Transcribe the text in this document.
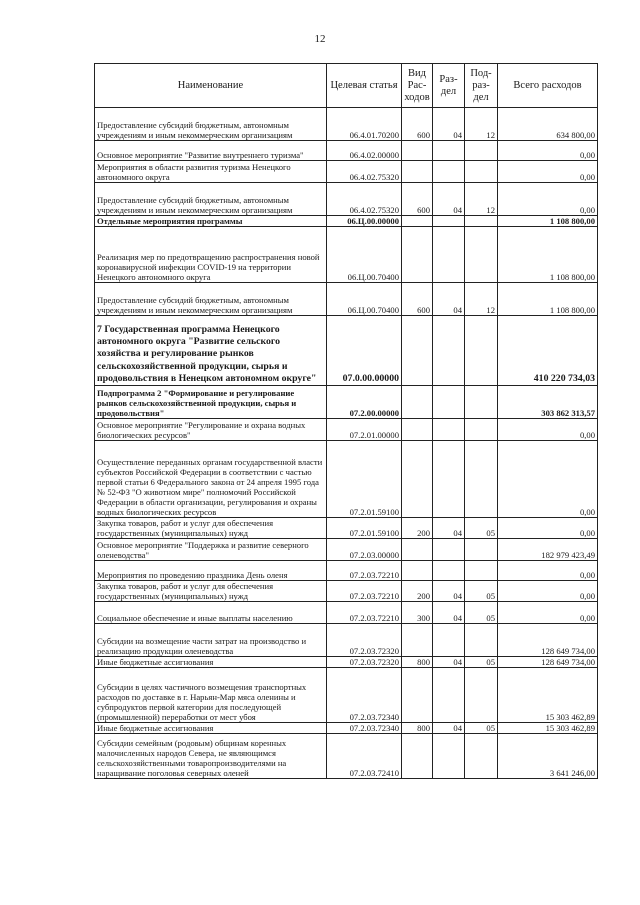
12
Наименование	Целевая статья	Вид Рас- ходов	Раз- дел	Под- раз- дел	Всего расходов
Предоставление субсидий бюджетным, автономным учреждениям и иным некоммерческим организациям	06.4.01.70200	600	04	12	634 800,00
Основное мероприятие "Развитие внутреннего туризма"	06.4.02.00000				0,00
Мероприятия в области развития туризма Ненецкого автономного округа	06.4.02.75320				0,00
Предоставление субсидий бюджетным, автономным учреждениям и иным некоммерческим организациям	06.4.02.75320	600	04	12	0,00
Отдельные мероприятия программы	06.Ц.00.00000				1 108 800,00
Реализация мер по предотвращению распространения новой коронавирусной инфекции COVID-19 на территории Ненецкого автономного округа	06.Ц.00.70400				1 108 800,00
Предоставление субсидий бюджетным, автономным учреждениям и иным некоммерческим организациям	06.Ц.00.70400	600	04	12	1 108 800,00
7 Государственная программа Ненецкого автономного округа "Развитие сельского хозяйства и регулирование рынков сельскохозяйственной продукции, сырья и продовольствия в Ненецком автономном округе"	07.0.00.00000				410 220 734,03
Подпрограмма 2 "Формирование и регулирование рынков сельскохозяйственной продукции, сырья и продовольствия"	07.2.00.00000				303 862 313,57
Основное мероприятие "Регулирование и охрана водных биологических ресурсов"	07.2.01.00000				0,00
Осуществление переданных органам государственной власти субъектов Российской Федерации в соответствии с частью первой статьи 6 Федерального закона от 24 апреля 1995 года № 52-ФЗ "О животном мире" полномочий Российской Федерации в области организации, регулирования и охраны водных биологических ресурсов	07.2.01.59100				0,00
Закупка товаров, работ и услуг для обеспечения государственных (муниципальных) нужд	07.2.01.59100	200	04	05	0,00
Основное мероприятие "Поддержка и развитие северного оленеводства"	07.2.03.00000				182 979 423,49
Мероприятия по проведению праздника День оленя	07.2.03.72210				0,00
Закупка товаров, работ и услуг для обеспечения государственных (муниципальных) нужд	07.2.03.72210	200	04	05	0,00
Социальное обеспечение и иные выплаты населению	07.2.03.72210	300	04	05	0,00
Субсидии на возмещение части затрат на производство и реализацию продукции оленеводства	07.2.03.72320				128 649 734,00
Иные бюджетные ассигнования	07.2.03.72320	800	04	05	128 649 734,00
Субсидии в целях частичного возмещения транспортных расходов по доставке в г. Нарьян-Мар мяса оленины и субпродуктов первой категории для последующей (промышленной) переработки от мест убоя	07.2.03.72340				15 303 462,89
Иные бюджетные ассигнования	07.2.03.72340	800	04	05	15 303 462,89
Субсидии семейным (родовым) общинам коренных малочисленных народов Севера, не являющимся сельскохозяйственными товаропроизводителями на наращивание поголовья северных оленей	07.2.03.72410				3 641 246,00
